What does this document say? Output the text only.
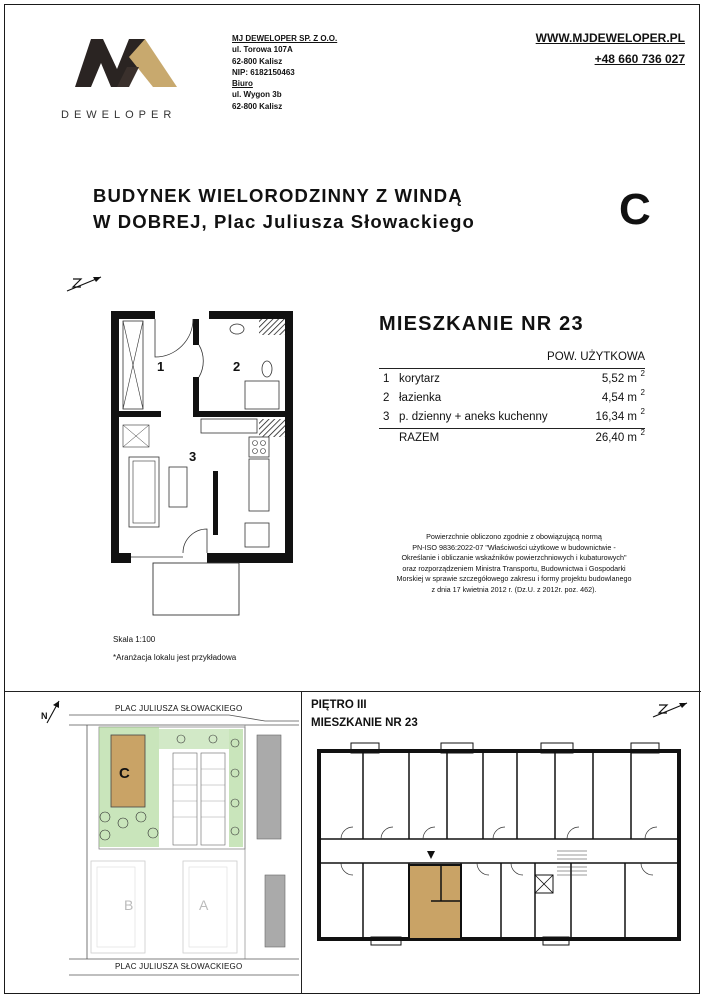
DEWELOPER
MJ DEWELOPER SP. Z O.O.
ul. Torowa 107A
62-800 Kalisz
NIP: 6182150463
Biuro
ul. Wygon 3b
62-800 Kalisz
WWW.MJDEWELOPER.PL
+48 660 736 027
BUDYNEK WIELORODZINNY Z WINDĄ
W DOBREJ, Plac Juliusza Słowackiego	C
1	2
3
Skala 1:100
*Aranżacja lokalu jest przykładowa
MIESZKANIE NR 23
POW. UŻYTKOWA
1 korytarz	5,52 m 2
2 łazienka	4,54 m 2
3 p. dzienny + aneks kuchenny	16,34 m 2
RAZEM	26,40 m 2
Powierzchnie obliczono zgodnie z obowiązującą normą
PN-ISO 9836:2022-07 "Właściwości użytkowe w budownictwie -
Określanie i obliczanie wskaźników powierzchniowych i kubaturowych"
oraz rozporządzeniem Ministra Transportu, Budownictwa i Gospodarki
Morskiej w sprawie szczegółowego zakresu i formy projektu budowlanego
z dnia 17 kwietnia 2012 r. (Dz.U. z 2012r. poz. 462).
N
PLAC JULIUSZA SŁOWACKIEGO
PLAC JULIUSZA SŁOWACKIEGO
C
B	A
PIĘTRO III
MIESZKANIE NR 23
